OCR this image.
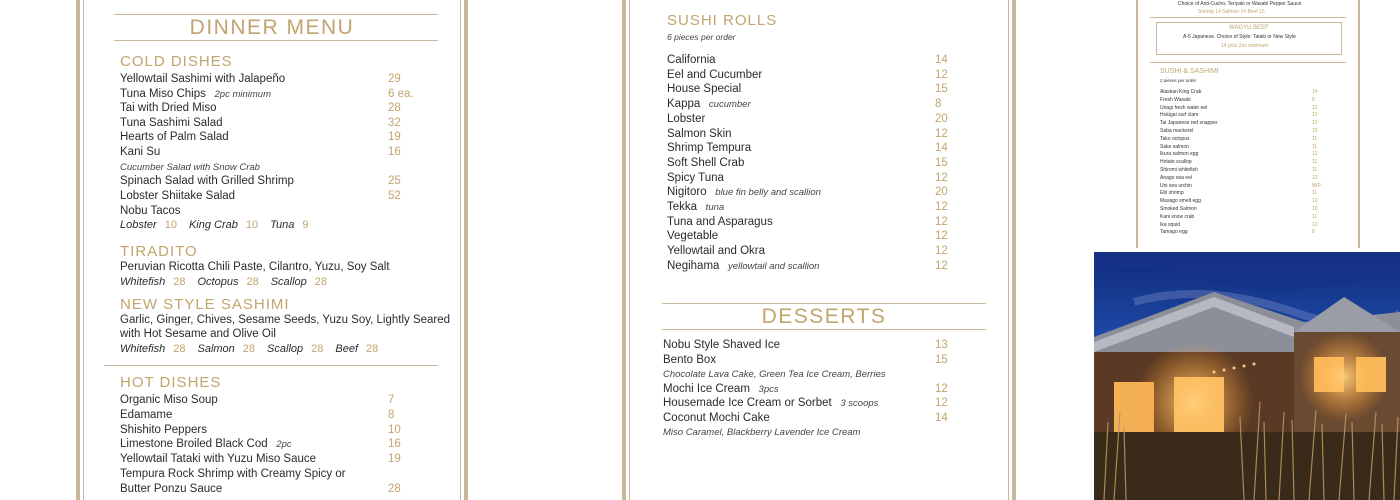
DINNER MENU
COLD DISHES
Yellowtail Sashimi with Jalapeño	29
Tuna Miso Chips 2pc minimum	6 ea.
Tai with Dried Miso	28
Tuna Sashimi Salad	32
Hearts of Palm Salad	19
Kani Su	16
Cucumber Salad with Snow Crab
Spinach Salad with Grilled Shrimp	25
Lobster Shiitake Salad	52
Nobu Tacos
Lobster 10 King Crab 10 Tuna 9
TIRADITO
Peruvian Ricotta Chili Paste, Cilantro, Yuzu, Soy Salt
Whitefish 28 Octopus 28 Scallop 28
NEW STYLE SASHIMI
Garlic, Ginger, Chives, Sesame Seeds, Yuzu Soy, Lightly Seared
with Hot Sesame and Olive Oil
Whitefish 28 Salmon 28 Scallop 28 Beef 28
HOT DISHES
Organic Miso Soup	7
Edamame	8
Shishito Peppers	10
Limestone Broiled Black Cod 2pc	16
Yellowtail Tataki with Yuzu Miso Sauce	19
Tempura Rock Shrimp with Creamy Spicy or
Butter Ponzu Sauce	28
SUSHI ROLLS
6 pieces per order
California	14
Eel and Cucumber	12
House Special	15
Kappa cucumber	8
Lobster	20
Salmon Skin	12
Shrimp Tempura	14
Soft Shell Crab	15
Spicy Tuna	12
Nigitoro blue fin belly and scallion	20
Tekka tuna	12
Tuna and Asparagus	12
Vegetable	12
Yellowtail and Okra	12
Negihama yellowtail and scallion	12
DESSERTS
Nobu Style Shaved Ice	13
Bento Box	15
Chocolate Lava Cake, Green Tea Ice Cream, Berries
Mochi Ice Cream 3pcs	12
Housemade Ice Cream or Sorbet 3 scoops	12
Coconut Mochi Cake	14
Miso Caramel, Blackberry Lavender Ice Cream
Choice of Anti-Cucho, Teriyaki or Wasabi Pepper Sauce
Shrimp 14 Salmon 14 Beef 15
WAGYU BEEF
A-5 Japanese. Choice of Style: Tataki or New Style
14 p/oz 2oz minimum
SUSHI & SASHIMI
2 pieces per order
Alaskan King Crab	14
Fresh Wasabi	8
Unagi fresh water eel	12
Hokigai surf clam	12
Tai Japanese red snapper	12
Saba mackerel	10
Tako octopus	11
Sake salmon	11
Ikura salmon egg	12
Hotate scallop	11
Shiromi whitefish	11
Anago sea eel	12
Uni sea urchin	M/P
Ebi shrimp	11
Masago smelt egg	10
Smoked Salmon	10
Kani snow crab	11
Ika squid	10
Tamago egg	8
